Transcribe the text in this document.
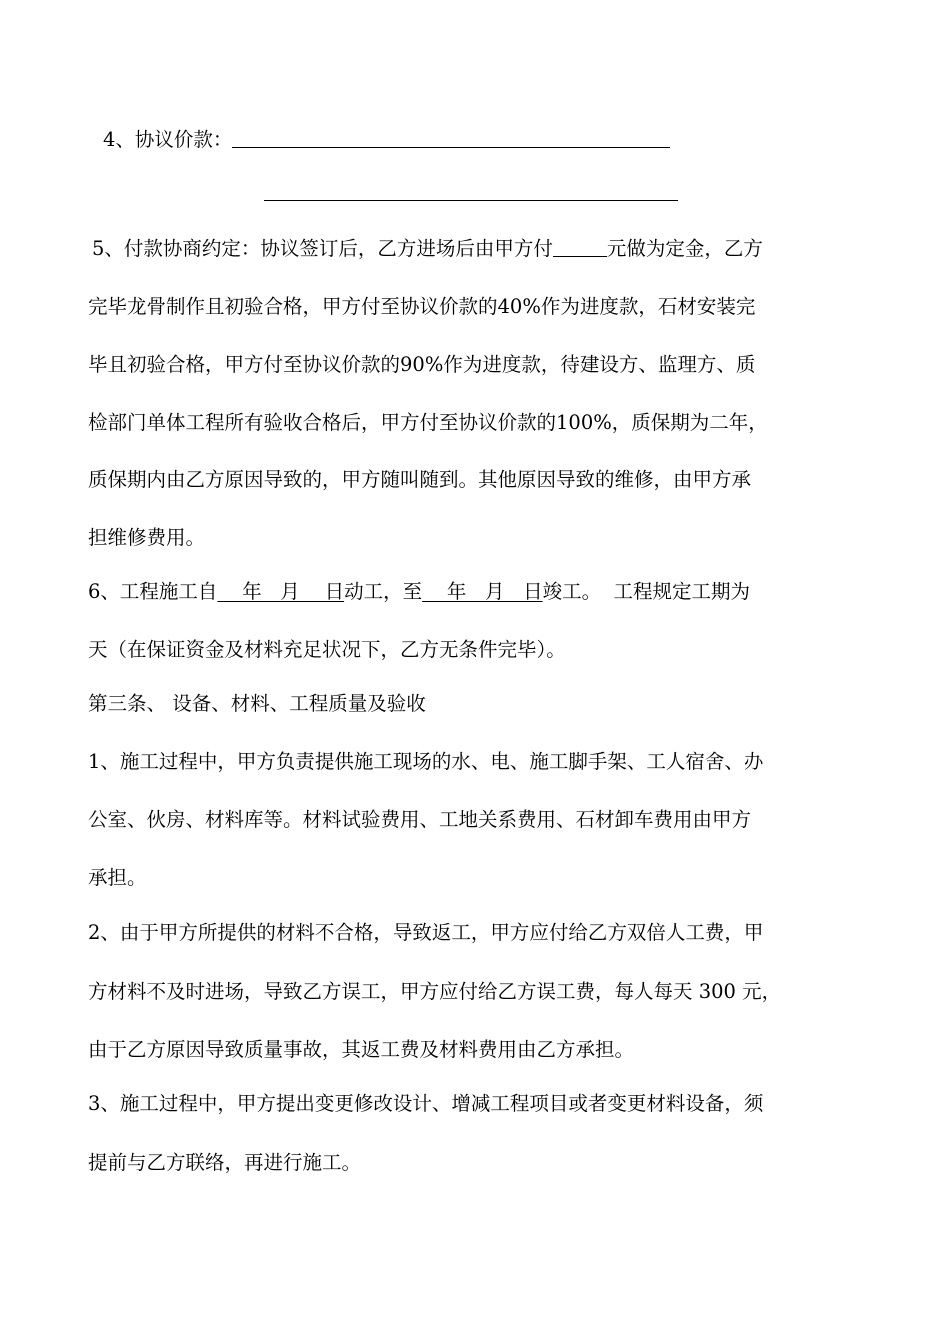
4、协议价款：
5、付款协商约定：协议签订后，乙方进场后由甲方付	元做为定金，乙方
完毕龙骨制作且初验合格，甲方付至协议价款的40%作为进度款，石材安装完
毕且初验合格，甲方付至协议价款的90%作为进度款，待建设方、监理方、质
检部门单体工程所有验收合格后，甲方付至协议价款的100%，质保期为二年，
质保期内由乙方原因导致的，甲方随叫随到。其他原因导致的维修，由甲方承
担维修费用。
6、工程施工自    年   月    日动工，至    年   月   日竣工。  工程规定工期为
天（在保证资金及材料充足状况下，乙方无条件完毕）。
第三条、 设备、材料、工程质量及验收
1、施工过程中，甲方负责提供施工现场的水、电、施工脚手架、工人宿舍、办
公室、伙房、材料库等。材料试验费用、工地关系费用、石材卸车费用由甲方
承担。
2、由于甲方所提供的材料不合格，导致返工，甲方应付给乙方双倍人工费，甲
方材料不及时进场，导致乙方误工，甲方应付给乙方误工费，每人每天 300 元，
由于乙方原因导致质量事故，其返工费及材料费用由乙方承担。
3、施工过程中，甲方提出变更修改设计、增减工程项目或者变更材料设备，须
提前与乙方联络，再进行施工。
